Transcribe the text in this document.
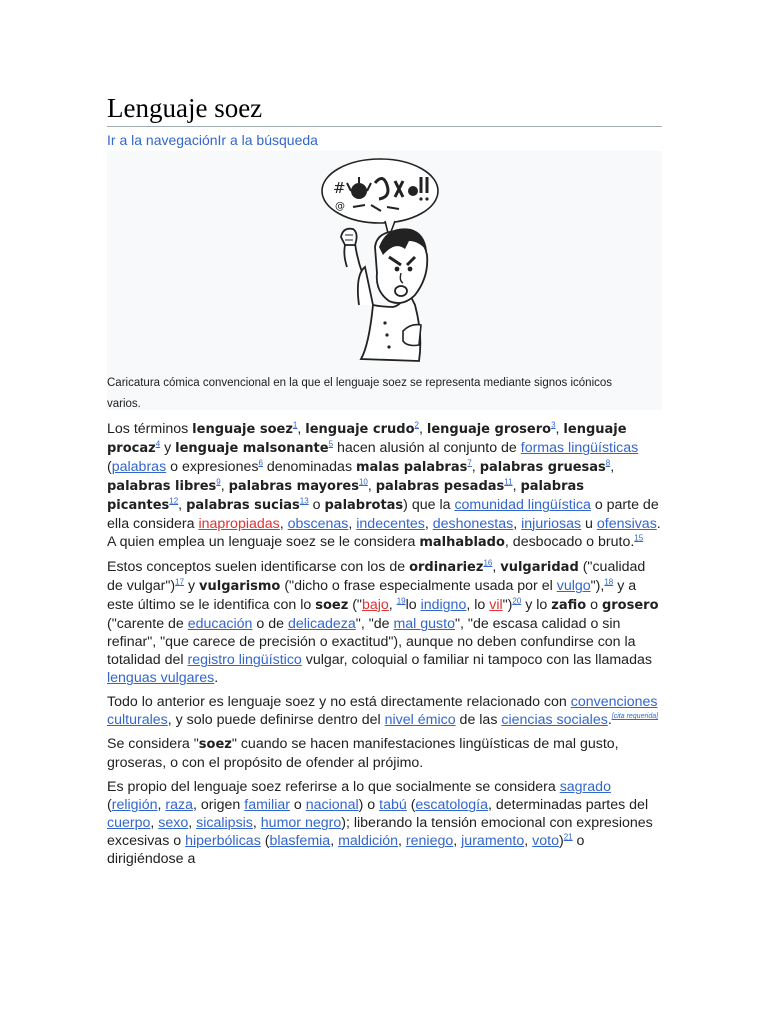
Lenguaje soez
Ir a la navegaciónIr a la búsqueda
#
@
Caricatura cómica convencional en la que el lenguaje soez se representa mediante signos icónicos varios.

Los términos lenguaje soez$^1$, lenguaje crudo$^2$, lenguaje grosero$^3$, lenguaje procaz$^4$ y lenguaje malsonante$^5$ hacen alusión al conjunto de formas lingüísticas (palabras o expresiones$^6$ denominadas malas palabras$^7$, palabras gruesas$^8$, palabras libres$^9$, palabras mayores$^{10}$, palabras pesadas$^{11}$, palabras picantes$^{12}$, palabras sucias$^{13}$ o palabrotas) que la comunidad lingüística o parte de ella considera inapropiadas, obscenas, indecentes, deshonestas, injuriosas u ofensivas. A quien emplea un lenguaje soez se le considera malhablado, desbocado o bruto.$^{15}$

Estos conceptos suelen identificarse con los de ordinariez$^{16}$, vulgaridad ("cualidad de vulgar")$^{17}$ y vulgarismo ("dicho o frase especialmente usada por el vulgo"),$^{18}$ y a este último se le identifica con lo soez ("bajo, $^{19}$lo indigno, lo vil")$^{20}$ y lo zafio o grosero ("carente de educación o de delicadeza", "de mal gusto", "de escasa calidad o sin refinar", "que carece de precisión o exactitud"), aunque no deben confundirse con la totalidad del registro lingüístico vulgar, coloquial o familiar ni tampoco con las llamadas lenguas vulgares.

Todo lo anterior es lenguaje soez y no está directamente relacionado con convenciones culturales, y solo puede definirse dentro del nivel émico de las ciencias sociales.[cita requerida]

Se considera "soez" cuando se hacen manifestaciones lingüísticas de mal gusto, groseras, o con el propósito de ofender al prójimo.

Es propio del lenguaje soez referirse a lo que socialmente se considera sagrado (religión, raza, origen familiar o nacional) o tabú (escatología, determinadas partes del cuerpo, sexo, sicalipsis, humor negro); liberando la tensión emocional con expresiones excesivas o hiperbólicas (blasfemia, maldición, reniego, juramento, voto)$^{21}$ o dirigiéndose a
